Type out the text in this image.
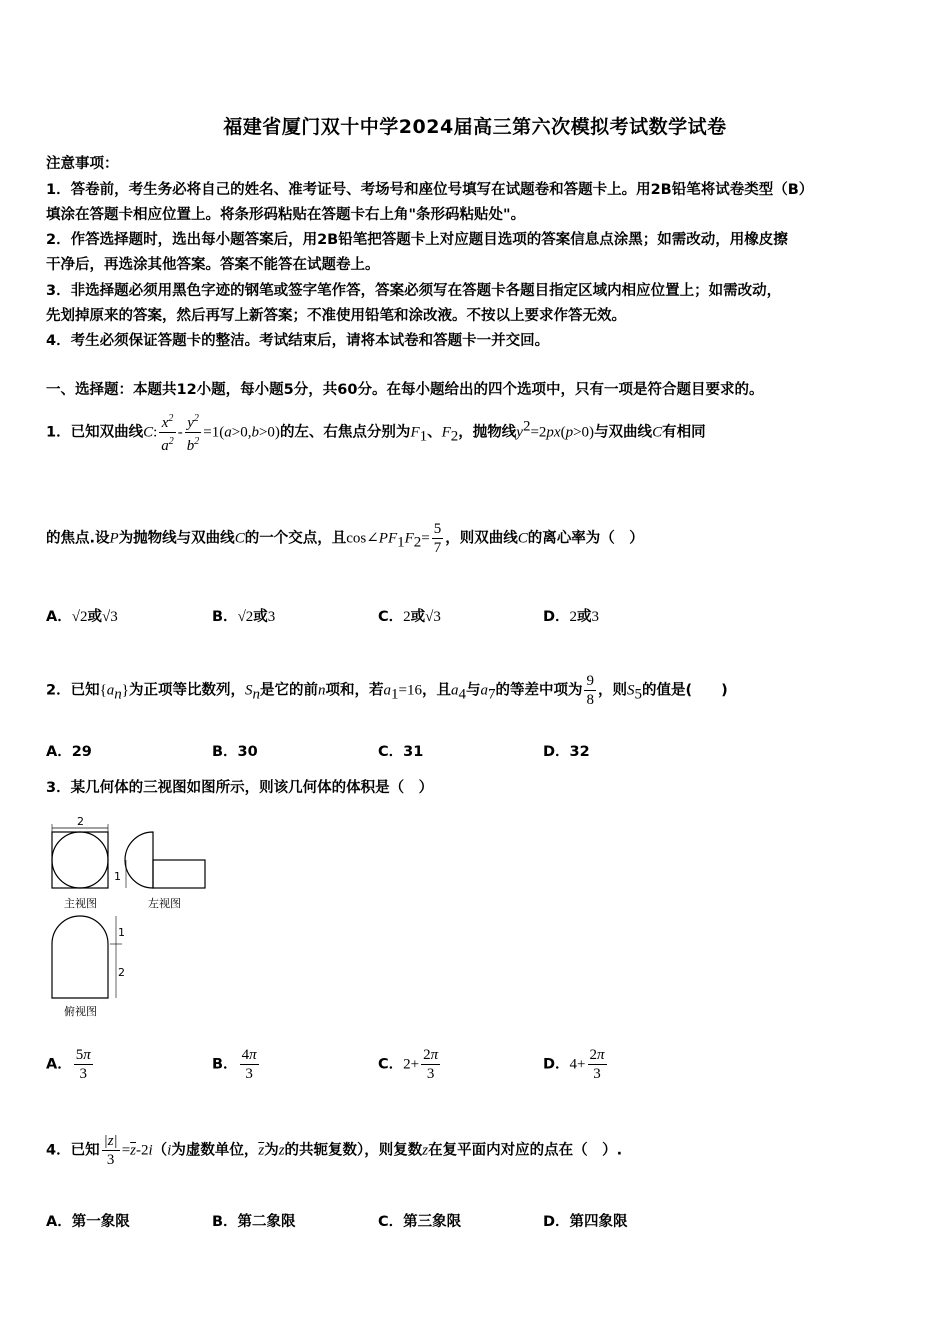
福建省厦门双十中学2024届高三第六次模拟考试数学试卷
注意事项：
1．答卷前，考生务必将自己的姓名、准考证号、考场号和座位号填写在试题卷和答题卡上。用2B铅笔将试卷类型（B）
填涂在答题卡相应位置上。将条形码粘贴在答题卡右上角"条形码粘贴处"。
2．作答选择题时，选出每小题答案后，用2B铅笔把答题卡上对应题目选项的答案信息点涂黑；如需改动，用橡皮擦
干净后，再选涂其他答案。答案不能答在试题卷上。
3．非选择题必须用黑色字迹的钢笔或签字笔作答，答案必须写在答题卡各题目指定区域内相应位置上；如需改动，
先划掉原来的答案，然后再写上新答案；不准使用铅笔和涂改液。不按以上要求作答无效。
4．考生必须保证答题卡的整洁。考试结束后，请将本试卷和答题卡一并交回。
一、选择题：本题共12小题，每小题5分，共60分。在每小题给出的四个选项中，只有一项是符合题目要求的。
1．已知双曲线C: $\frac{x^2}{a^2} - \frac{y^2}{b^2} =1(a>0,b>0)$的左、右焦点分别为$F_1$、$F_2$，抛物线$y^2=2px(p>0)$与双曲线C有相同
的焦点.设P为抛物线与双曲线C的一个交点，且$\cos\angle PF_1F_2= \frac{5}{7}$ ，则双曲线C的离心率为（　）
A．√2或√3	B．√2或3	C．2或√3	D．2或3
2．已知$\{a_n\}$为正项等比数列，$S_n$是它的前n项和，若$a_1=16$，且$a_4$与$a_7$的等差中项为 $\frac{9}{8}$ ，则$S_5$的值是(　　)
A．29	B．30	C．31	D．32
3．某几何体的三视图如图所示，则该几何体的体积是（　）
2
主视图
1
左视图
1
2
俯视图
A． $\frac{5\pi}{3}$	B． $\frac{4\pi}{3}$	C．$2+ \frac{2\pi}{3}$	D．$4+ \frac{2\pi}{3}$
4．已知 $\frac{|z|}{3} =\overline{z}-2i(i$为虚数单位，$\overline{z}$为z的共轭复数），则复数z在复平面内对应的点在（　）.
A．第一象限	B．第二象限	C．第三象限	D．第四象限
